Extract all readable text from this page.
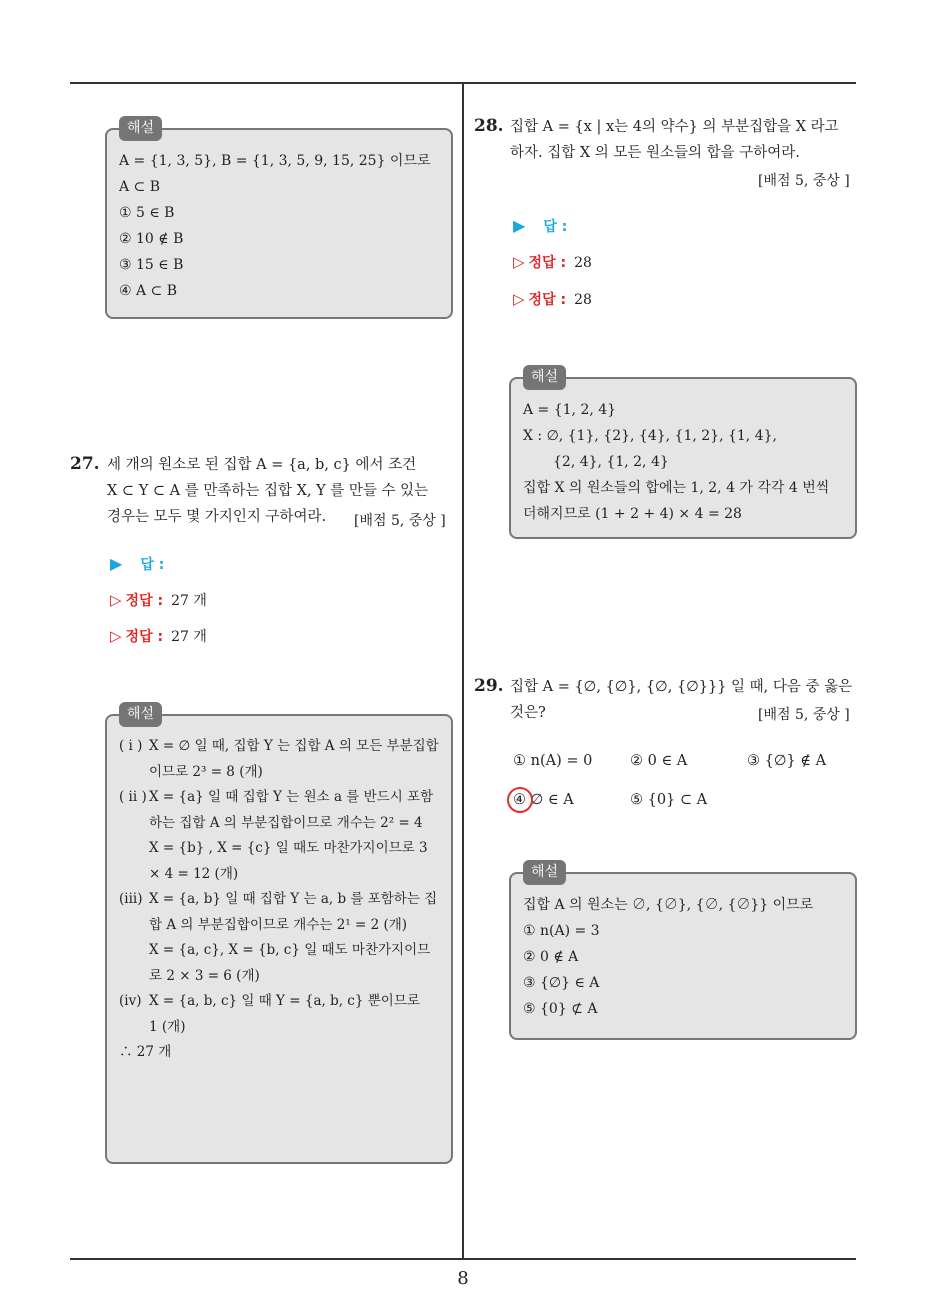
8
해설
A = {1, 3, 5}, B = {1, 3, 5, 9, 15, 25} 이므로
A ⊂ B
① 5 ∈ B
② 10 ∉ B
③ 15 ∈ B
④ A ⊂ B
27. 세 개의 원소로 된 집합 A = {a, b, c} 에서 조건
X ⊂ Y ⊂ A 를 만족하는 집합 X, Y 를 만들 수 있는
경우는 모두 몇 가지인지 구하여라.	[배점 5, 중상 ]
▶ 답 :
▷ 정답 : 27 개
▷ 정답 : 27 개
해설
( i ) X = ∅ 일 때, 집합 Y 는 집합 A 의 모든 부분집합이므로 2³ = 8 (개)
( ii ) X = {a} 일 때 집합 Y 는 원소 a 를 반드시 포함하는 집합 A 의 부분집합이므로 개수는 2² = 4
X = {b} , X = {c} 일 때도 마찬가지이므로 3 × 4 = 12 (개)
(iii) X = {a, b} 일 때 집합 Y 는 a, b 를 포함하는 집합 A 의 부분집합이므로 개수는 2¹ = 2 (개)
X = {a, c}, X = {b, c} 일 때도 마찬가지이므로 2 × 3 = 6 (개)
(iv) X = {a, b, c} 일 때 Y = {a, b, c} 뿐이므로
1 (개)
∴ 27 개
28. 집합 A = {x | x는 4의 약수} 의 부분집합을 X 라고
하자. 집합 X 의 모든 원소들의 합을 구하여라.
[배점 5, 중상 ]
▶ 답 :
▷ 정답 : 28
▷ 정답 : 28
해설
A = {1, 2, 4}
X : ∅, {1}, {2}, {4}, {1, 2}, {1, 4},
{2, 4}, {1, 2, 4}
집합 X 의 원소들의 합에는 1, 2, 4 가 각각 4 번씩
더해지므로 (1 + 2 + 4) × 4 = 28
29. 집합 A = {∅, {∅}, {∅, {∅}}} 일 때, 다음 중 옳은
것은?	[배점 5, 중상 ]
① n(A) = 0	② 0 ∈ A	③ {∅} ∉ A
④ ∅ ∈ A	⑤ {0} ⊂ A
해설
집합 A 의 원소는 ∅, {∅}, {∅, {∅}} 이므로
① n(A) = 3
② 0 ∉ A
③ {∅} ∈ A
⑤ {0} ⊄ A
